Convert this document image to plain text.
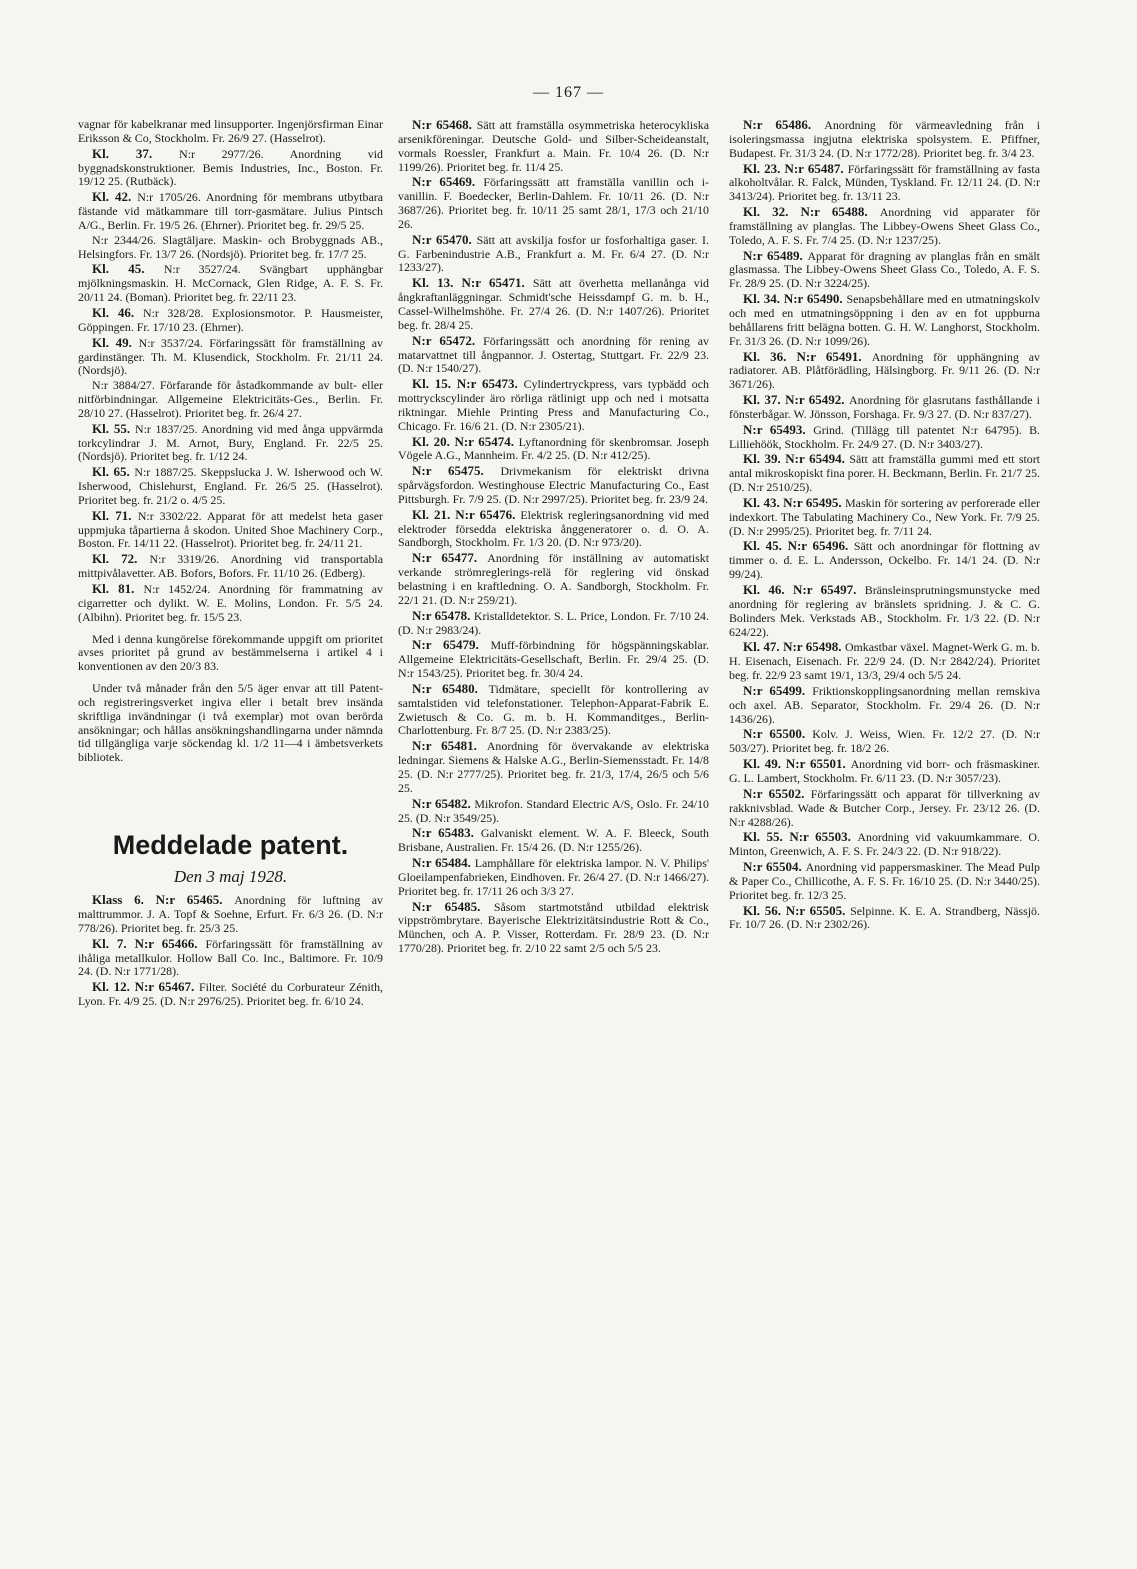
— 167 —

vagnar för kabelkranar med linsupporter. Ingenjörsfirman Einar Eriksson & Co, Stockholm. Fr. 26/9 27. (Hasselrot).

Kl. 37. N:r 2977/26. Anordning vid byggnadskonstruktioner. Bemis Industries, Inc., Boston. Fr. 19/12 25. (Rutbäck).

Kl. 42. N:r 1705/26. Anordning för membrans utbytbara fästande vid mätkammare till torr-gasmätare. Julius Pintsch A/G., Berlin. Fr. 19/5 26. (Ehrner). Prioritet beg. fr. 29/5 25.

N:r 2344/26. Slagtäljare. Maskin- och Brobyggnads AB., Helsingfors. Fr. 13/7 26. (Nordsjö). Prioritet beg. fr. 17/7 25.

Kl. 45. N:r 3527/24. Svängbart upphängbar mjölkningsmaskin. H. McCornack, Glen Ridge, A. F. S. Fr. 20/11 24. (Boman). Prioritet beg. fr. 22/11 23.

Kl. 46. N:r 328/28. Explosionsmotor. P. Hausmeister, Göppingen. Fr. 17/10 23. (Ehrner).

Kl. 49. N:r 3537/24. Förfaringssätt för framställning av gardinstänger. Th. M. Klusendick, Stockholm. Fr. 21/11 24. (Nordsjö).

N:r 3884/27. Förfarande för åstadkommande av bult- eller nitförbindningar. Allgemeine Elektricitäts-Ges., Berlin. Fr. 28/10 27. (Hasselrot). Prioritet beg. fr. 26/4 27.

Kl. 55. N:r 1837/25. Anordning vid med ånga uppvärmda torkcylindrar J. M. Arnot, Bury, England. Fr. 22/5 25. (Nordsjö). Prioritet beg. fr. 1/12 24.

Kl. 65. N:r 1887/25. Skeppslucka J. W. Isherwood och W. Isherwood, Chislehurst, England. Fr. 26/5 25. (Hasselrot). Prioritet beg. fr. 21/2 o. 4/5 25.

Kl. 71. N:r 3302/22. Apparat för att medelst heta gaser uppmjuka tåpartierna å skodon. United Shoe Machinery Corp., Boston. Fr. 14/11 22. (Hasselrot). Prioritet beg. fr. 24/11 21.

Kl. 72. N:r 3319/26. Anordning vid transportabla mittpivålavetter. AB. Bofors, Bofors. Fr. 11/10 26. (Edberg).

Kl. 81. N:r 1452/24. Anordning för frammatning av cigarretter och dylikt. W. E. Molins, London. Fr. 5/5 24. (Albihn). Prioritet beg. fr. 15/5 23.

Med i denna kungörelse förekommande uppgift om prioritet avses prioritet på grund av bestämmelserna i artikel 4 i konventionen av den 20/3 83.

Under två månader från den 5/5 äger envar att till Patent- och registreringsverket ingiva eller i betalt brev insända skriftliga invändningar (i två exemplar) mot ovan berörda ansökningar; och hållas ansökningshandlingarna under nämnda tid tillgängliga varje söckendag kl. 1/2 11—4 i ämbetsverkets bibliotek.

Meddelade patent.
Den 3 maj 1928.

Klass 6. N:r 65465. Anordning för luftning av malttrummor. J. A. Topf & Soehne, Erfurt. Fr. 6/3 26. (D. N:r 778/26). Prioritet beg. fr. 25/3 25.

Kl. 7. N:r 65466. Förfaringssätt för framställning av ihåliga metallkulor. Hollow Ball Co. Inc., Baltimore. Fr. 10/9 24. (D. N:r 1771/28).

Kl. 12. N:r 65467. Filter. Société du Corburateur Zénith, Lyon. Fr. 4/9 25. (D. N:r 2976/25). Prioritet beg. fr. 6/10 24.

N:r 65468. Sätt att framställa osymmetriska heterocykliska arsenikföreningar. Deutsche Gold- und Silber-Scheideanstalt, vormals Roessler, Frankfurt a. Main. Fr. 10/4 26. (D. N:r 1199/26). Prioritet beg. fr. 11/4 25.

N:r 65469. Förfaringssätt att framställa vanillin och i-vanillin. F. Boedecker, Berlin-Dahlem. Fr. 10/11 26. (D. N:r 3687/26). Prioritet beg. fr. 10/11 25 samt 28/1, 17/3 och 21/10 26.

N:r 65470. Sätt att avskilja fosfor ur fosforhaltiga gaser. I. G. Farbenindustrie A.B., Frankfurt a. M. Fr. 6/4 27. (D. N:r 1233/27).

Kl. 13. N:r 65471. Sätt att överhetta mellanånga vid ångkraftanläggningar. Schmidt'sche Heissdampf G. m. b. H., Cassel-Wilhelmshöhe. Fr. 27/4 26. (D. N:r 1407/26). Prioritet beg. fr. 28/4 25.

N:r 65472. Förfaringssätt och anordning för rening av matarvattnet till ångpannor. J. Ostertag, Stuttgart. Fr. 22/9 23. (D. N:r 1540/27).

Kl. 15. N:r 65473. Cylindertryckpress, vars typbädd och mottryckscylinder äro rörliga rätlinigt upp och ned i motsatta riktningar. Miehle Printing Press and Manufacturing Co., Chicago. Fr. 16/6 21. (D. N:r 2305/21).

Kl. 20. N:r 65474. Lyftanordning för skenbromsar. Joseph Vögele A.G., Mannheim. Fr. 4/2 25. (D. N:r 412/25).

N:r 65475. Drivmekanism för elektriskt drivna spårvägsfordon. Westinghouse Electric Manufacturing Co., East Pittsburgh. Fr. 7/9 25. (D. N:r 2997/25). Prioritet beg. fr. 23/9 24.

Kl. 21. N:r 65476. Elektrisk regleringsanordning vid med elektroder försedda elektriska ånggeneratorer o. d. O. A. Sandborgh, Stockholm. Fr. 1/3 20. (D. N:r 973/20).

N:r 65477. Anordning för inställning av automatiskt verkande strömreglerings-relä för reglering vid önskad belastning i en kraftledning. O. A. Sandborgh, Stockholm. Fr. 22/1 21. (D. N:r 259/21).

N:r 65478. Kristalldetektor. S. L. Price, London. Fr. 7/10 24. (D. N:r 2983/24).

N:r 65479. Muff-förbindning för högspänningskablar. Allgemeine Elektricitäts-Gesellschaft, Berlin. Fr. 29/4 25. (D. N:r 1543/25). Prioritet beg. fr. 30/4 24.

N:r 65480. Tidmätare, speciellt för kontrollering av samtalstiden vid telefonstationer. Telephon-Apparat-Fabrik E. Zwietusch & Co. G. m. b. H. Kommanditges., Berlin-Charlottenburg. Fr. 8/7 25. (D. N:r 2383/25).

N:r 65481. Anordning för övervakande av elektriska ledningar. Siemens & Halske A.G., Berlin-Siemensstadt. Fr. 14/8 25. (D. N:r 2777/25). Prioritet beg. fr. 21/3, 17/4, 26/5 och 5/6 25.

N:r 65482. Mikrofon. Standard Electric A/S, Oslo. Fr. 24/10 25. (D. N:r 3549/25).

N:r 65483. Galvaniskt element. W. A. F. Bleeck, South Brisbane, Australien. Fr. 15/4 26. (D. N:r 1255/26).

N:r 65484. Lamphållare för elektriska lampor. N. V. Philips' Gloeilampenfabrieken, Eindhoven. Fr. 26/4 27. (D. N:r 1466/27). Prioritet beg. fr. 17/11 26 och 3/3 27.

N:r 65485. Såsom startmotstånd utbildad elektrisk vippströmbrytare. Bayerische Elektrizitätsindustrie Rott & Co., München, och A. P. Visser, Rotterdam. Fr. 28/9 23. (D. N:r 1770/28). Prioritet beg. fr. 2/10 22 samt 2/5 och 5/5 23.

N:r 65486. Anordning för värmeavledning från i isoleringsmassa ingjutna elektriska spolsystem. E. Pfiffner, Budapest. Fr. 31/3 24. (D. N:r 1772/28). Prioritet beg. fr. 3/4 23.

Kl. 23. N:r 65487. Förfaringssätt för framställning av fasta alkoholtvålar. R. Falck, Münden, Tyskland. Fr. 12/11 24. (D. N:r 3413/24). Prioritet beg. fr. 13/11 23.

Kl. 32. N:r 65488. Anordning vid apparater för framställning av planglas. The Libbey-Owens Sheet Glass Co., Toledo, A. F. S. Fr. 7/4 25. (D. N:r 1237/25).

N:r 65489. Apparat för dragning av planglas från en smält glasmassa. The Libbey-Owens Sheet Glass Co., Toledo, A. F. S. Fr. 28/9 25. (D. N:r 3224/25).

Kl. 34. N:r 65490. Senapsbehållare med en utmatningskolv och med en utmatningsöppning i den av en fot uppburna behållarens fritt belägna botten. G. H. W. Langhorst, Stockholm. Fr. 31/3 26. (D. N:r 1099/26).

Kl. 36. N:r 65491. Anordning för upphängning av radiatorer. AB. Plåtförädling, Hälsingborg. Fr. 9/11 26. (D. N:r 3671/26).

Kl. 37. N:r 65492. Anordning för glasrutans fasthållande i fönsterbågar. W. Jönsson, Forshaga. Fr. 9/3 27. (D. N:r 837/27).

N:r 65493. Grind. (Tillägg till patentet N:r 64795). B. Lilliehöök, Stockholm. Fr. 24/9 27. (D. N:r 3403/27).

Kl. 39. N:r 65494. Sätt att framställa gummi med ett stort antal mikroskopiskt fina porer. H. Beckmann, Berlin. Fr. 21/7 25. (D. N:r 2510/25).

Kl. 43. N:r 65495. Maskin för sortering av perforerade eller indexkort. The Tabulating Machinery Co., New York. Fr. 7/9 25. (D. N:r 2995/25). Prioritet beg. fr. 7/11 24.

Kl. 45. N:r 65496. Sätt och anordningar för flottning av timmer o. d. E. L. Andersson, Ockelbo. Fr. 14/1 24. (D. N:r 99/24).

Kl. 46. N:r 65497. Bränsleinsprutningsmunstycke med anordning för reglering av bränslets spridning. J. & C. G. Bolinders Mek. Verkstads AB., Stockholm. Fr. 1/3 22. (D. N:r 624/22).

Kl. 47. N:r 65498. Omkastbar växel. Magnet-Werk G. m. b. H. Eisenach, Eisenach. Fr. 22/9 24. (D. N:r 2842/24). Prioritet beg. fr. 22/9 23 samt 19/1, 13/3, 29/4 och 5/5 24.

N:r 65499. Friktionskopplingsanordning mellan remskiva och axel. AB. Separator, Stockholm. Fr. 29/4 26. (D. N:r 1436/26).

N:r 65500. Kolv. J. Weiss, Wien. Fr. 12/2 27. (D. N:r 503/27). Prioritet beg. fr. 18/2 26.

Kl. 49. N:r 65501. Anordning vid borr- och fräsmaskiner. G. L. Lambert, Stockholm. Fr. 6/11 23. (D. N:r 3057/23).

N:r 65502. Förfaringssätt och apparat för tillverkning av rakknivsblad. Wade & Butcher Corp., Jersey. Fr. 23/12 26. (D. N:r 4288/26).

Kl. 55. N:r 65503. Anordning vid vakuumkammare. O. Minton, Greenwich, A. F. S. Fr. 24/3 22. (D. N:r 918/22).

N:r 65504. Anordning vid pappersmaskiner. The Mead Pulp & Paper Co., Chillicothe, A. F. S. Fr. 16/10 25. (D. N:r 3440/25). Prioritet beg. fr. 12/3 25.

Kl. 56. N:r 65505. Selpinne. K. E. A. Strandberg, Nässjö. Fr. 10/7 26. (D. N:r 2302/26).
